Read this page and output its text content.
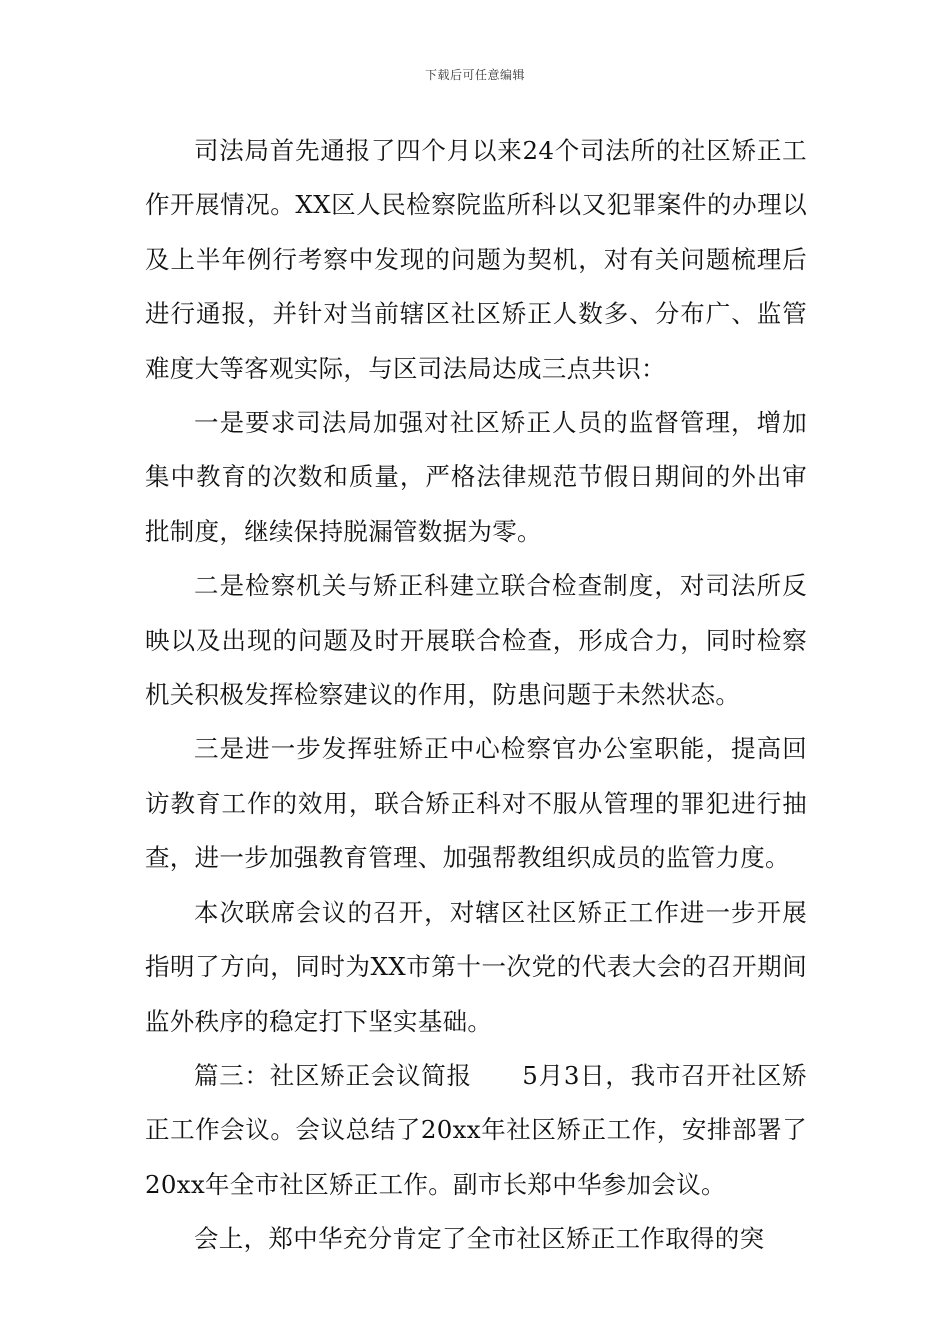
下载后可任意编辑

司法局首先通报了四个月以来24个司法所的社区矫正工作开展情况。XX区人民检察院监所科以又犯罪案件的办理以及上半年例行考察中发现的问题为契机，对有关问题梳理后进行通报，并针对当前辖区社区矫正人数多、分布广、监管难度大等客观实际，与区司法局达成三点共识：

一是要求司法局加强对社区矫正人员的监督管理，增加集中教育的次数和质量，严格法律规范节假日期间的外出审批制度，继续保持脱漏管数据为零。

二是检察机关与矫正科建立联合检查制度，对司法所反映以及出现的问题及时开展联合检查，形成合力，同时检察机关积极发挥检察建议的作用，防患问题于未然状态。

三是进一步发挥驻矫正中心检察官办公室职能，提高回访教育工作的效用，联合矫正科对不服从管理的罪犯进行抽查，进一步加强教育管理、加强帮教组织成员的监管力度。

本次联席会议的召开，对辖区社区矫正工作进一步开展指明了方向，同时为XX市第十一次党的代表大会的召开期间监外秩序的稳定打下坚实基础。

篇三：社区矫正会议简报　　5月3日，我市召开社区矫正工作会议。会议总结了20xx年社区矫正工作，安排部署了20xx年全市社区矫正工作。副市长郑中华参加会议。

会上，郑中华充分肯定了全市社区矫正工作取得的突
